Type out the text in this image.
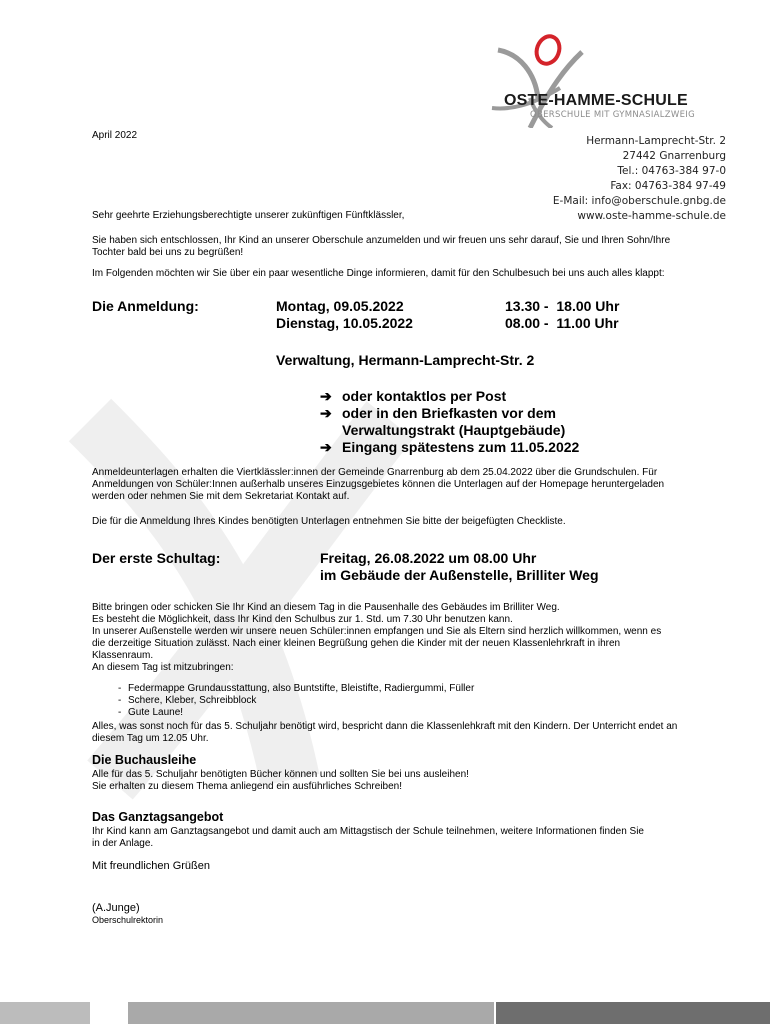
OSTE-HAMME-SCHULE
OBERSCHULE MIT GYMNASIALZWEIG
Hermann-Lamprecht-Str. 2
27442 Gnarrenburg
Tel.: 04763-384 97-0
Fax: 04763-384 97-49
E-Mail: info@oberschule.gnbg.de
www.oste-hamme-schule.de
April 2022
Sehr geehrte Erziehungsberechtigte unserer zukünftigen Fünftklässler,
Sie haben sich entschlossen, Ihr Kind an unserer Oberschule anzumelden und wir freuen uns sehr darauf, Sie und Ihren Sohn/Ihre Tochter bald bei uns zu begrüßen!
Im Folgenden möchten wir Sie über ein paar wesentliche Dinge informieren, damit für den Schulbesuch bei uns auch alles klappt:
Die Anmeldung:	Montag, 09.05.2022	13.30 -  18.00 Uhr
Dienstag, 10.05.2022	08.00 -  11.00 Uhr
Verwaltung, Hermann-Lamprecht-Str. 2
➔ oder kontaktlos per Post
➔ oder in den Briefkasten vor dem Verwaltungstrakt (Hauptgebäude)
➔ Eingang spätestens zum 11.05.2022
Anmeldeunterlagen erhalten die Viertklässler:innen der Gemeinde Gnarrenburg ab dem 25.04.2022 über die Grundschulen. Für Anmeldungen von Schüler:Innen außerhalb unseres Einzugsgebietes können die Unterlagen auf der Homepage heruntergeladen werden oder nehmen Sie mit dem Sekretariat Kontakt auf.
Die für die Anmeldung Ihres Kindes benötigten Unterlagen entnehmen Sie bitte der beigefügten Checkliste.
Der erste Schultag:	Freitag, 26.08.2022 um 08.00 Uhr
im Gebäude der Außenstelle, Brilliter Weg
Bitte bringen oder schicken Sie Ihr Kind an diesem Tag in die Pausenhalle des Gebäudes im Brilliter Weg.
Es besteht die Möglichkeit, dass Ihr Kind den Schulbus zur 1. Std. um 7.30 Uhr benutzen kann.
In unserer Außenstelle werden wir unsere neuen Schüler:innen empfangen und Sie als Eltern sind herzlich willkommen, wenn es die derzeitige Situation zulässt. Nach einer kleinen Begrüßung gehen die Kinder mit der neuen Klassenlehrkraft in ihren Klassenraum.
An diesem Tag ist mitzubringen:
- Federmappe Grundausstattung, also Buntstifte, Bleistifte, Radiergummi, Füller
- Schere, Kleber, Schreibblock
- Gute Laune!
Alles, was sonst noch für das 5. Schuljahr benötigt wird, bespricht dann die Klassenlehkraft mit den Kindern. Der Unterricht endet an diesem Tag um 12.05 Uhr.
Die Buchausleihe
Alle für das 5. Schuljahr benötigten Bücher können und sollten Sie bei uns ausleihen!
Sie erhalten zu diesem Thema anliegend ein ausführliches Schreiben!
Das Ganztagsangebot
Ihr Kind kann am Ganztagsangebot und damit auch am Mittagstisch der Schule teilnehmen, weitere Informationen finden Sie in der Anlage.
Mit freundlichen Grüßen
(A.Junge)
Oberschulrektorin
